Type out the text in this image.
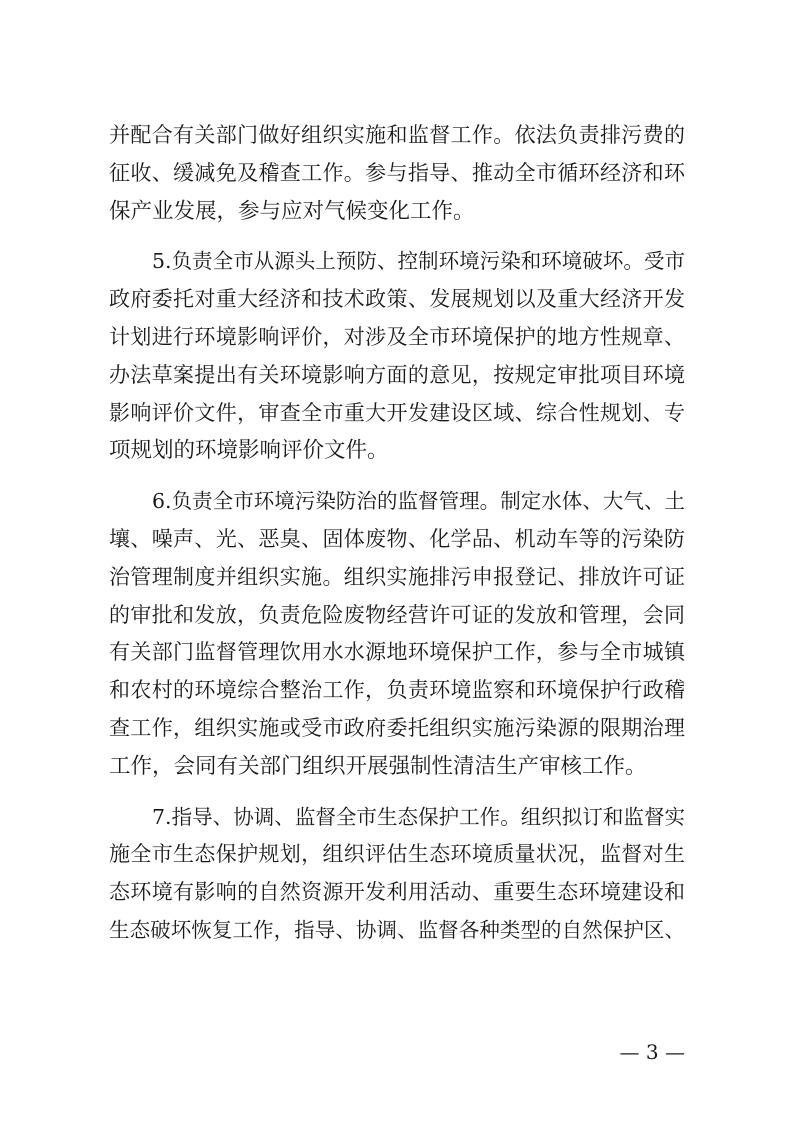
并配合有关部门做好组织实施和监督工作。依法负责排污费的
征收、缓减免及稽查工作。参与指导、推动全市循环经济和环
保产业发展，参与应对气候变化工作。
5.负责全市从源头上预防、控制环境污染和环境破坏。受市
政府委托对重大经济和技术政策、发展规划以及重大经济开发
计划进行环境影响评价，对涉及全市环境保护的地方性规章、
办法草案提出有关环境影响方面的意见，按规定审批项目环境
影响评价文件，审查全市重大开发建设区域、综合性规划、专
项规划的环境影响评价文件。
6.负责全市环境污染防治的监督管理。制定水体、大气、土
壤、噪声、光、恶臭、固体废物、化学品、机动车等的污染防
治管理制度并组织实施。组织实施排污申报登记、排放许可证
的审批和发放，负责危险废物经营许可证的发放和管理，会同
有关部门监督管理饮用水水源地环境保护工作，参与全市城镇
和农村的环境综合整治工作，负责环境监察和环境保护行政稽
查工作，组织实施或受市政府委托组织实施污染源的限期治理
工作，会同有关部门组织开展强制性清洁生产审核工作。
7.指导、协调、监督全市生态保护工作。组织拟订和监督实
施全市生态保护规划，组织评估生态环境质量状况，监督对生
态环境有影响的自然资源开发利用活动、重要生态环境建设和
生态破坏恢复工作，指导、协调、监督各种类型的自然保护区、
— 3 —
